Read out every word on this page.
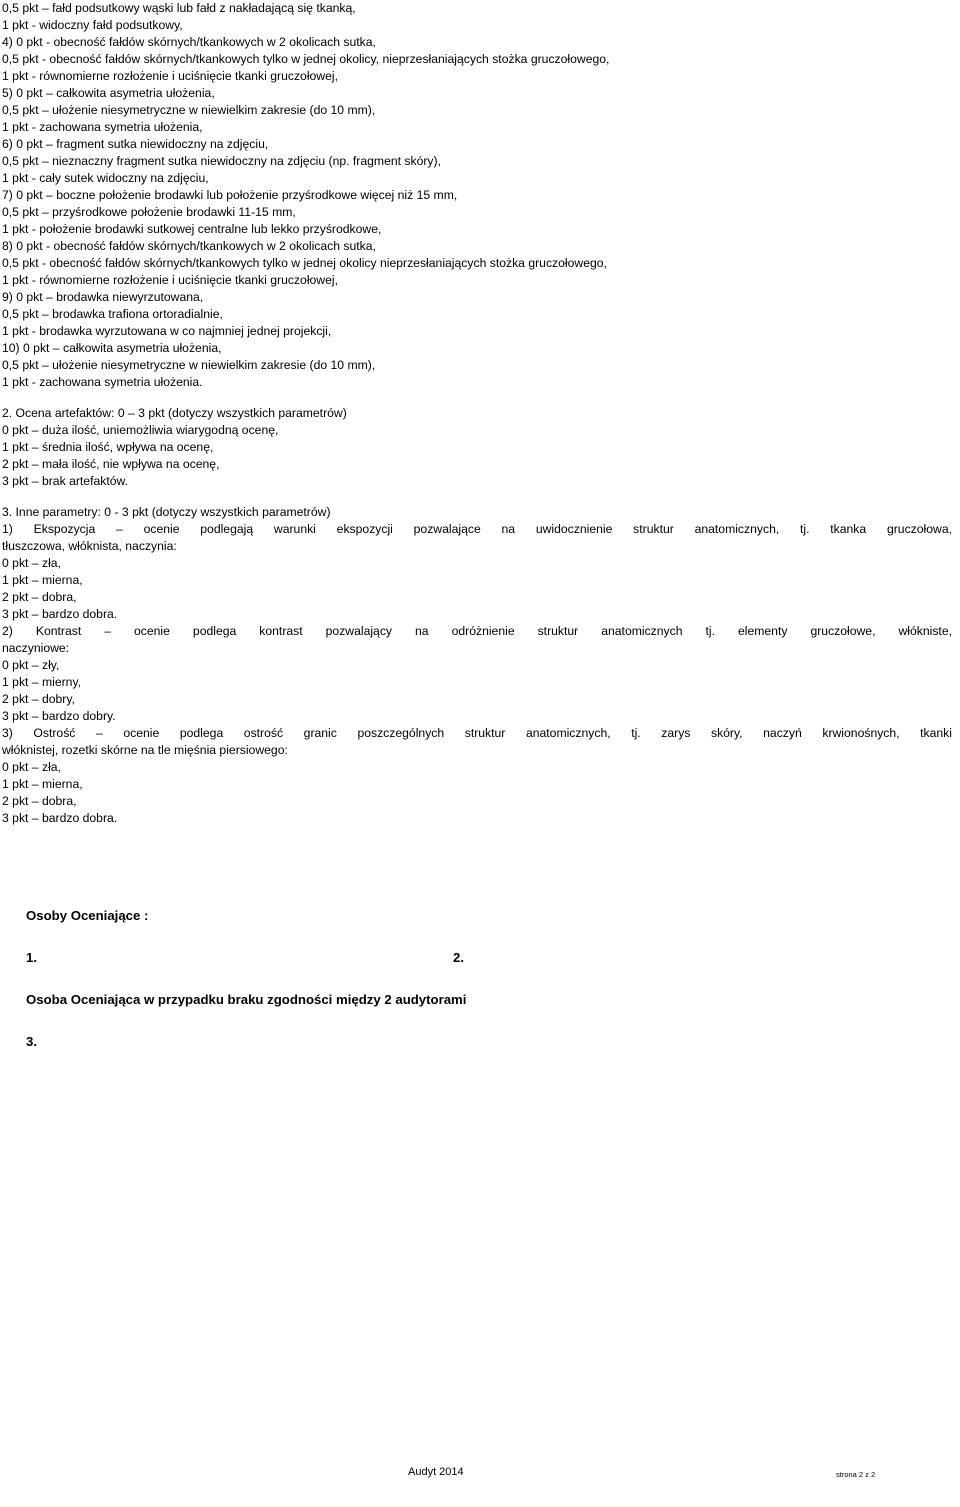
0,5 pkt – fałd podsutkowy wąski lub fałd z nakładającą się tkanką,
1 pkt - widoczny fałd podsutkowy,
4) 0 pkt - obecność fałdów skórnych/tkankowych w 2 okolicach sutka,
0,5 pkt - obecność fałdów skórnych/tkankowych tylko w jednej okolicy, nieprzesłaniających stożka gruczołowego,
1 pkt - równomierne rozłożenie i uciśnięcie tkanki gruczołowej,
5) 0 pkt – całkowita asymetria ułożenia,
0,5 pkt – ułożenie niesymetryczne w niewielkim zakresie (do 10 mm),
1 pkt - zachowana symetria ułożenia,
6) 0 pkt – fragment sutka niewidoczny na zdjęciu,
0,5 pkt – nieznaczny fragment sutka niewidoczny na zdjęciu (np. fragment skóry),
1 pkt - cały sutek widoczny na zdjęciu,
7) 0 pkt – boczne położenie brodawki lub położenie przyśrodkowe więcej niż 15 mm,
0,5 pkt – przyśrodkowe położenie brodawki 11-15 mm,
1 pkt - położenie brodawki sutkowej centralne lub lekko przyśrodkowe,
8) 0 pkt - obecność fałdów skórnych/tkankowych w 2 okolicach sutka,
0,5 pkt - obecność fałdów skórnych/tkankowych tylko w jednej okolicy nieprzesłaniających stożka gruczołowego,
1 pkt - równomierne rozłożenie i uciśnięcie tkanki gruczołowej,
9) 0 pkt – brodawka niewyrzutowana,
0,5 pkt – brodawka trafiona ortoradialnie,
1 pkt - brodawka wyrzutowana w co najmniej jednej projekcji,
10) 0 pkt – całkowita asymetria ułożenia,
0,5 pkt – ułożenie niesymetryczne w niewielkim zakresie (do 10 mm),
1 pkt - zachowana symetria ułożenia.
2. Ocena artefaktów: 0 – 3 pkt (dotyczy wszystkich parametrów)
0 pkt – duża ilość, uniemożliwia wiarygodną ocenę,
1 pkt – średnia ilość, wpływa na ocenę,
2 pkt – mała ilość, nie wpływa na ocenę,
3 pkt – brak artefaktów.
3. Inne parametry: 0 - 3 pkt (dotyczy wszystkich parametrów)
1) Ekspozycja – ocenie podlegają warunki ekspozycji pozwalające na uwidocznienie struktur anatomicznych, tj. tkanka gruczołowa,
tłuszczowa, włóknista, naczynia:
0 pkt – zła,
1 pkt – mierna,
2 pkt – dobra,
3 pkt – bardzo dobra.
2) Kontrast – ocenie podlega kontrast pozwalający na odróżnienie struktur anatomicznych tj. elementy gruczołowe, włókniste,
naczyniowe:
0 pkt – zły,
1 pkt – mierny,
2 pkt – dobry,
3 pkt – bardzo dobry.
3) Ostrość – ocenie podlega ostrość granic poszczególnych struktur anatomicznych, tj. zarys skóry, naczyń krwionośnych, tkanki
włóknistej, rozetki skórne na tle mięśnia piersiowego:
0 pkt – zła,
1 pkt – mierna,
2 pkt – dobra,
3 pkt – bardzo dobra.
Osoby Oceniające :
1.	2.
Osoba Oceniająca w przypadku braku zgodności między 2 audytorami
3.
Audyt 2014	strona 2 z 2
